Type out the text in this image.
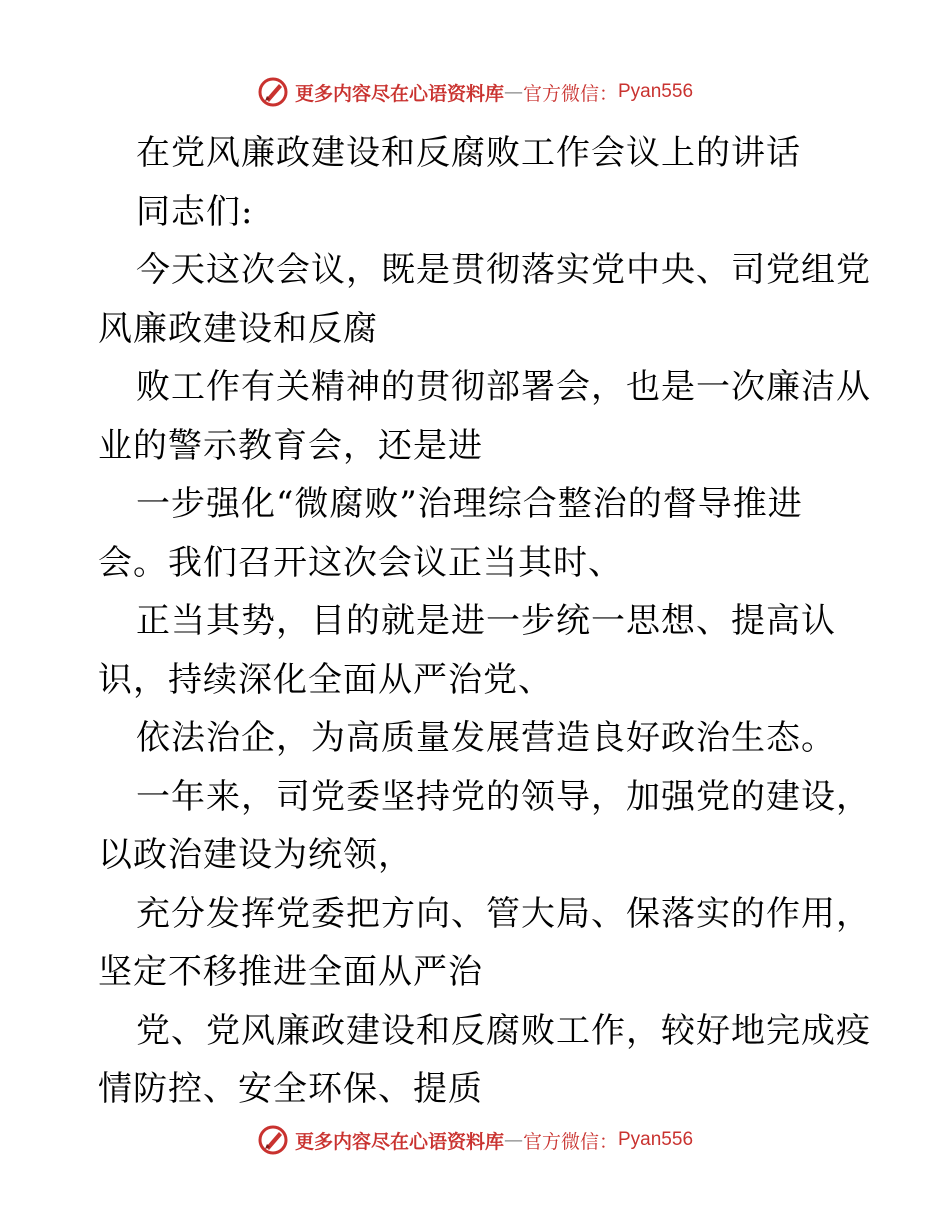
更多内容尽在心语资料库 — 官方微信： Pyan556
在党风廉政建设和反腐败工作会议上的讲话
同志们:
今天这次会议，既是贯彻落实党中央、司党组党
风廉政建设和反腐
败工作有关精神的贯彻部署会，也是一次廉洁从
业的警示教育会，还是进
一步强化“微腐败”治理综合整治的督导推进
会。我们召开这次会议正当其时、
正当其势，目的就是进一步统一思想、提高认
识，持续深化全面从严治党、
依法治企，为高质量发展营造良好政治生态。
一年来，司党委坚持党的领导，加强党的建设，
以政治建设为统领，
充分发挥党委把方向、管大局、保落实的作用，
坚定不移推进全面从严治
党、党风廉政建设和反腐败工作，较好地完成疫
情防控、安全环保、提质
更多内容尽在心语资料库 — 官方微信： Pyan556
